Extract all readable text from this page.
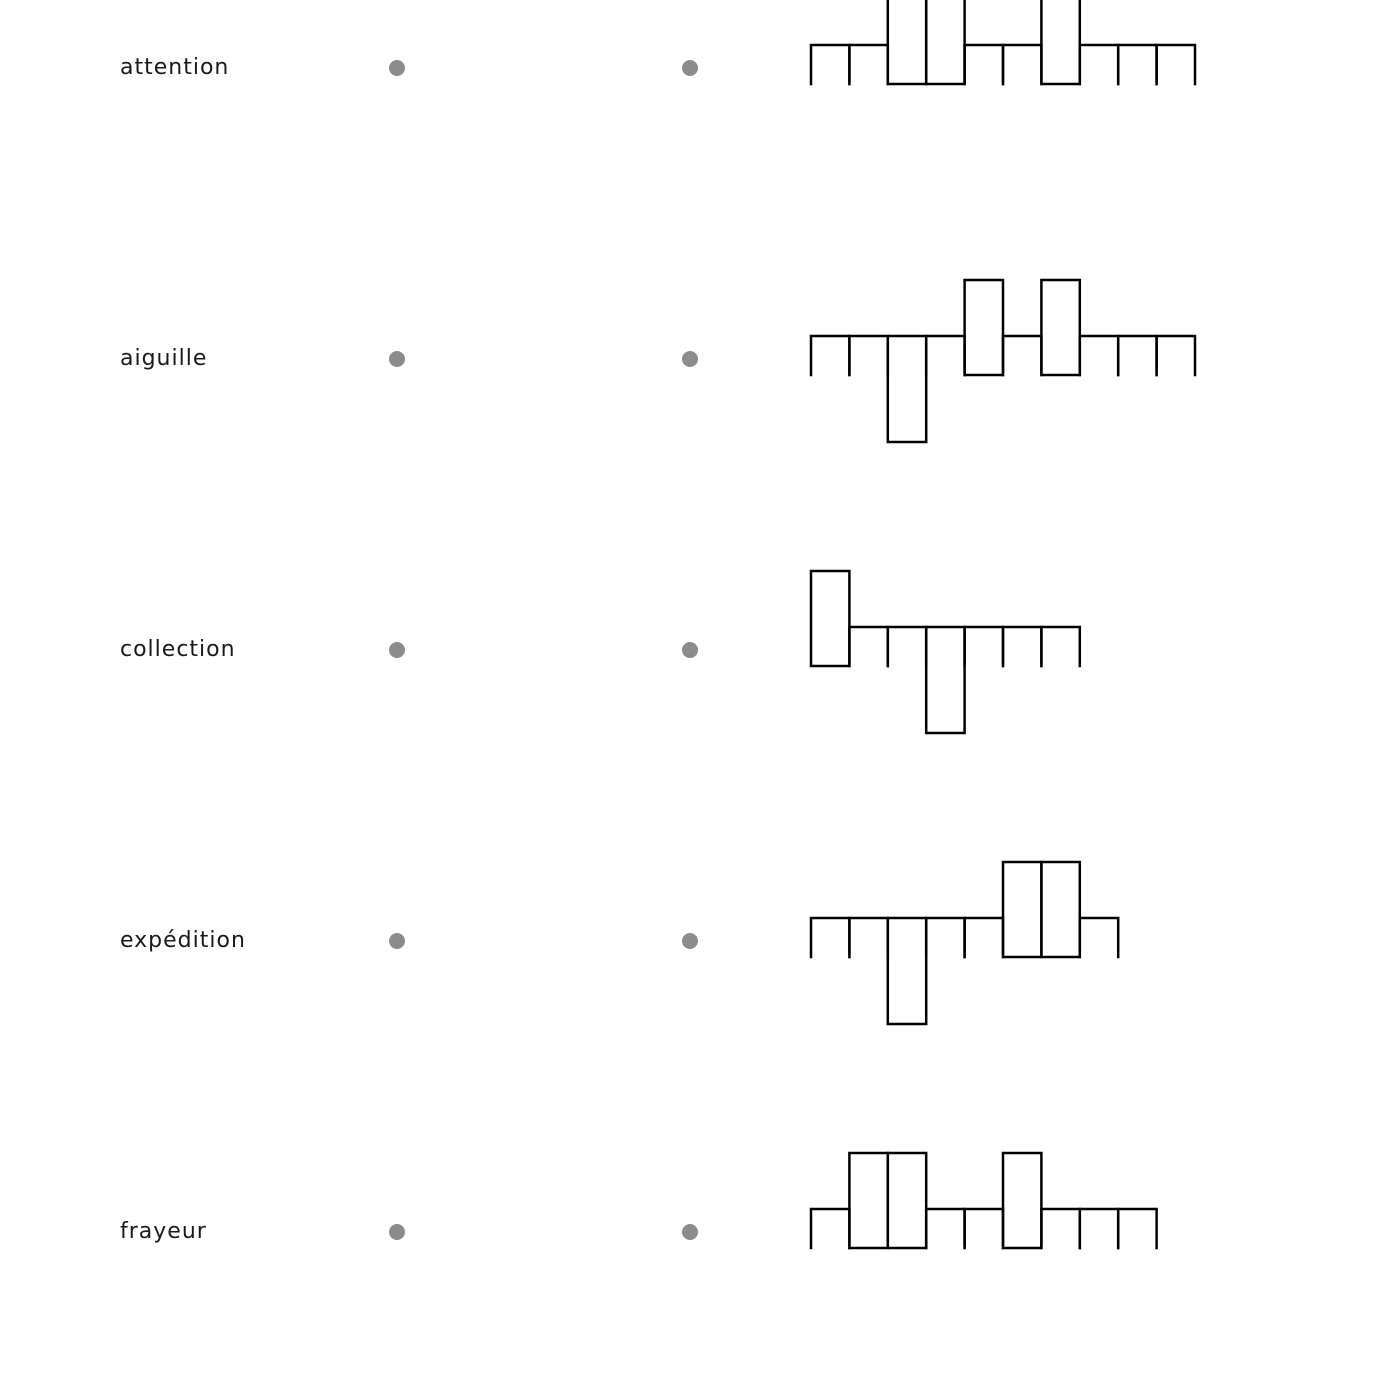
attention
aiguille
collection
expédition
frayeur
